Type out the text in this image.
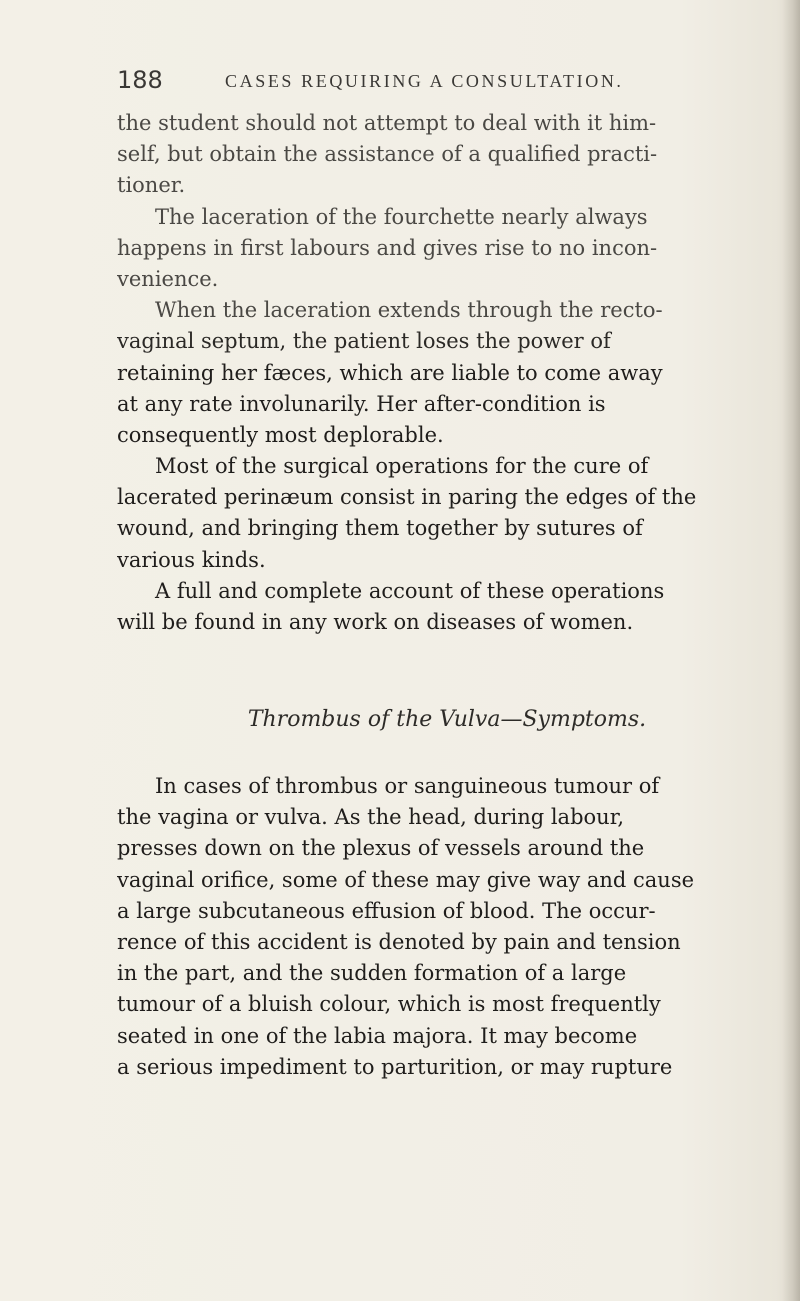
188	CASES REQUIRING A CONSULTATION.
the student should not attempt to deal with it him-
self, but obtain the assistance of a qualified practi-
tioner.
The laceration of the fourchette nearly always
happens in first labours and gives rise to no incon-
venience.
When the laceration extends through the recto-
vaginal septum, the patient loses the power of
retaining her fæces, which are liable to come away
at any rate involunarily. Her after-condition is
consequently most deplorable.
Most of the surgical operations for the cure of
lacerated perinæum consist in paring the edges of the
wound, and bringing them together by sutures of
various kinds.
A full and complete account of these operations
will be found in any work on diseases of women.
Thrombus of the Vulva—Symptoms.
In cases of thrombus or sanguineous tumour of
the vagina or vulva. As the head, during labour,
presses down on the plexus of vessels around the
vaginal orifice, some of these may give way and cause
a large subcutaneous effusion of blood. The occur-
rence of this accident is denoted by pain and tension
in the part, and the sudden formation of a large
tumour of a bluish colour, which is most frequently
seated in one of the labia majora. It may become
a serious impediment to parturition, or may rupture
